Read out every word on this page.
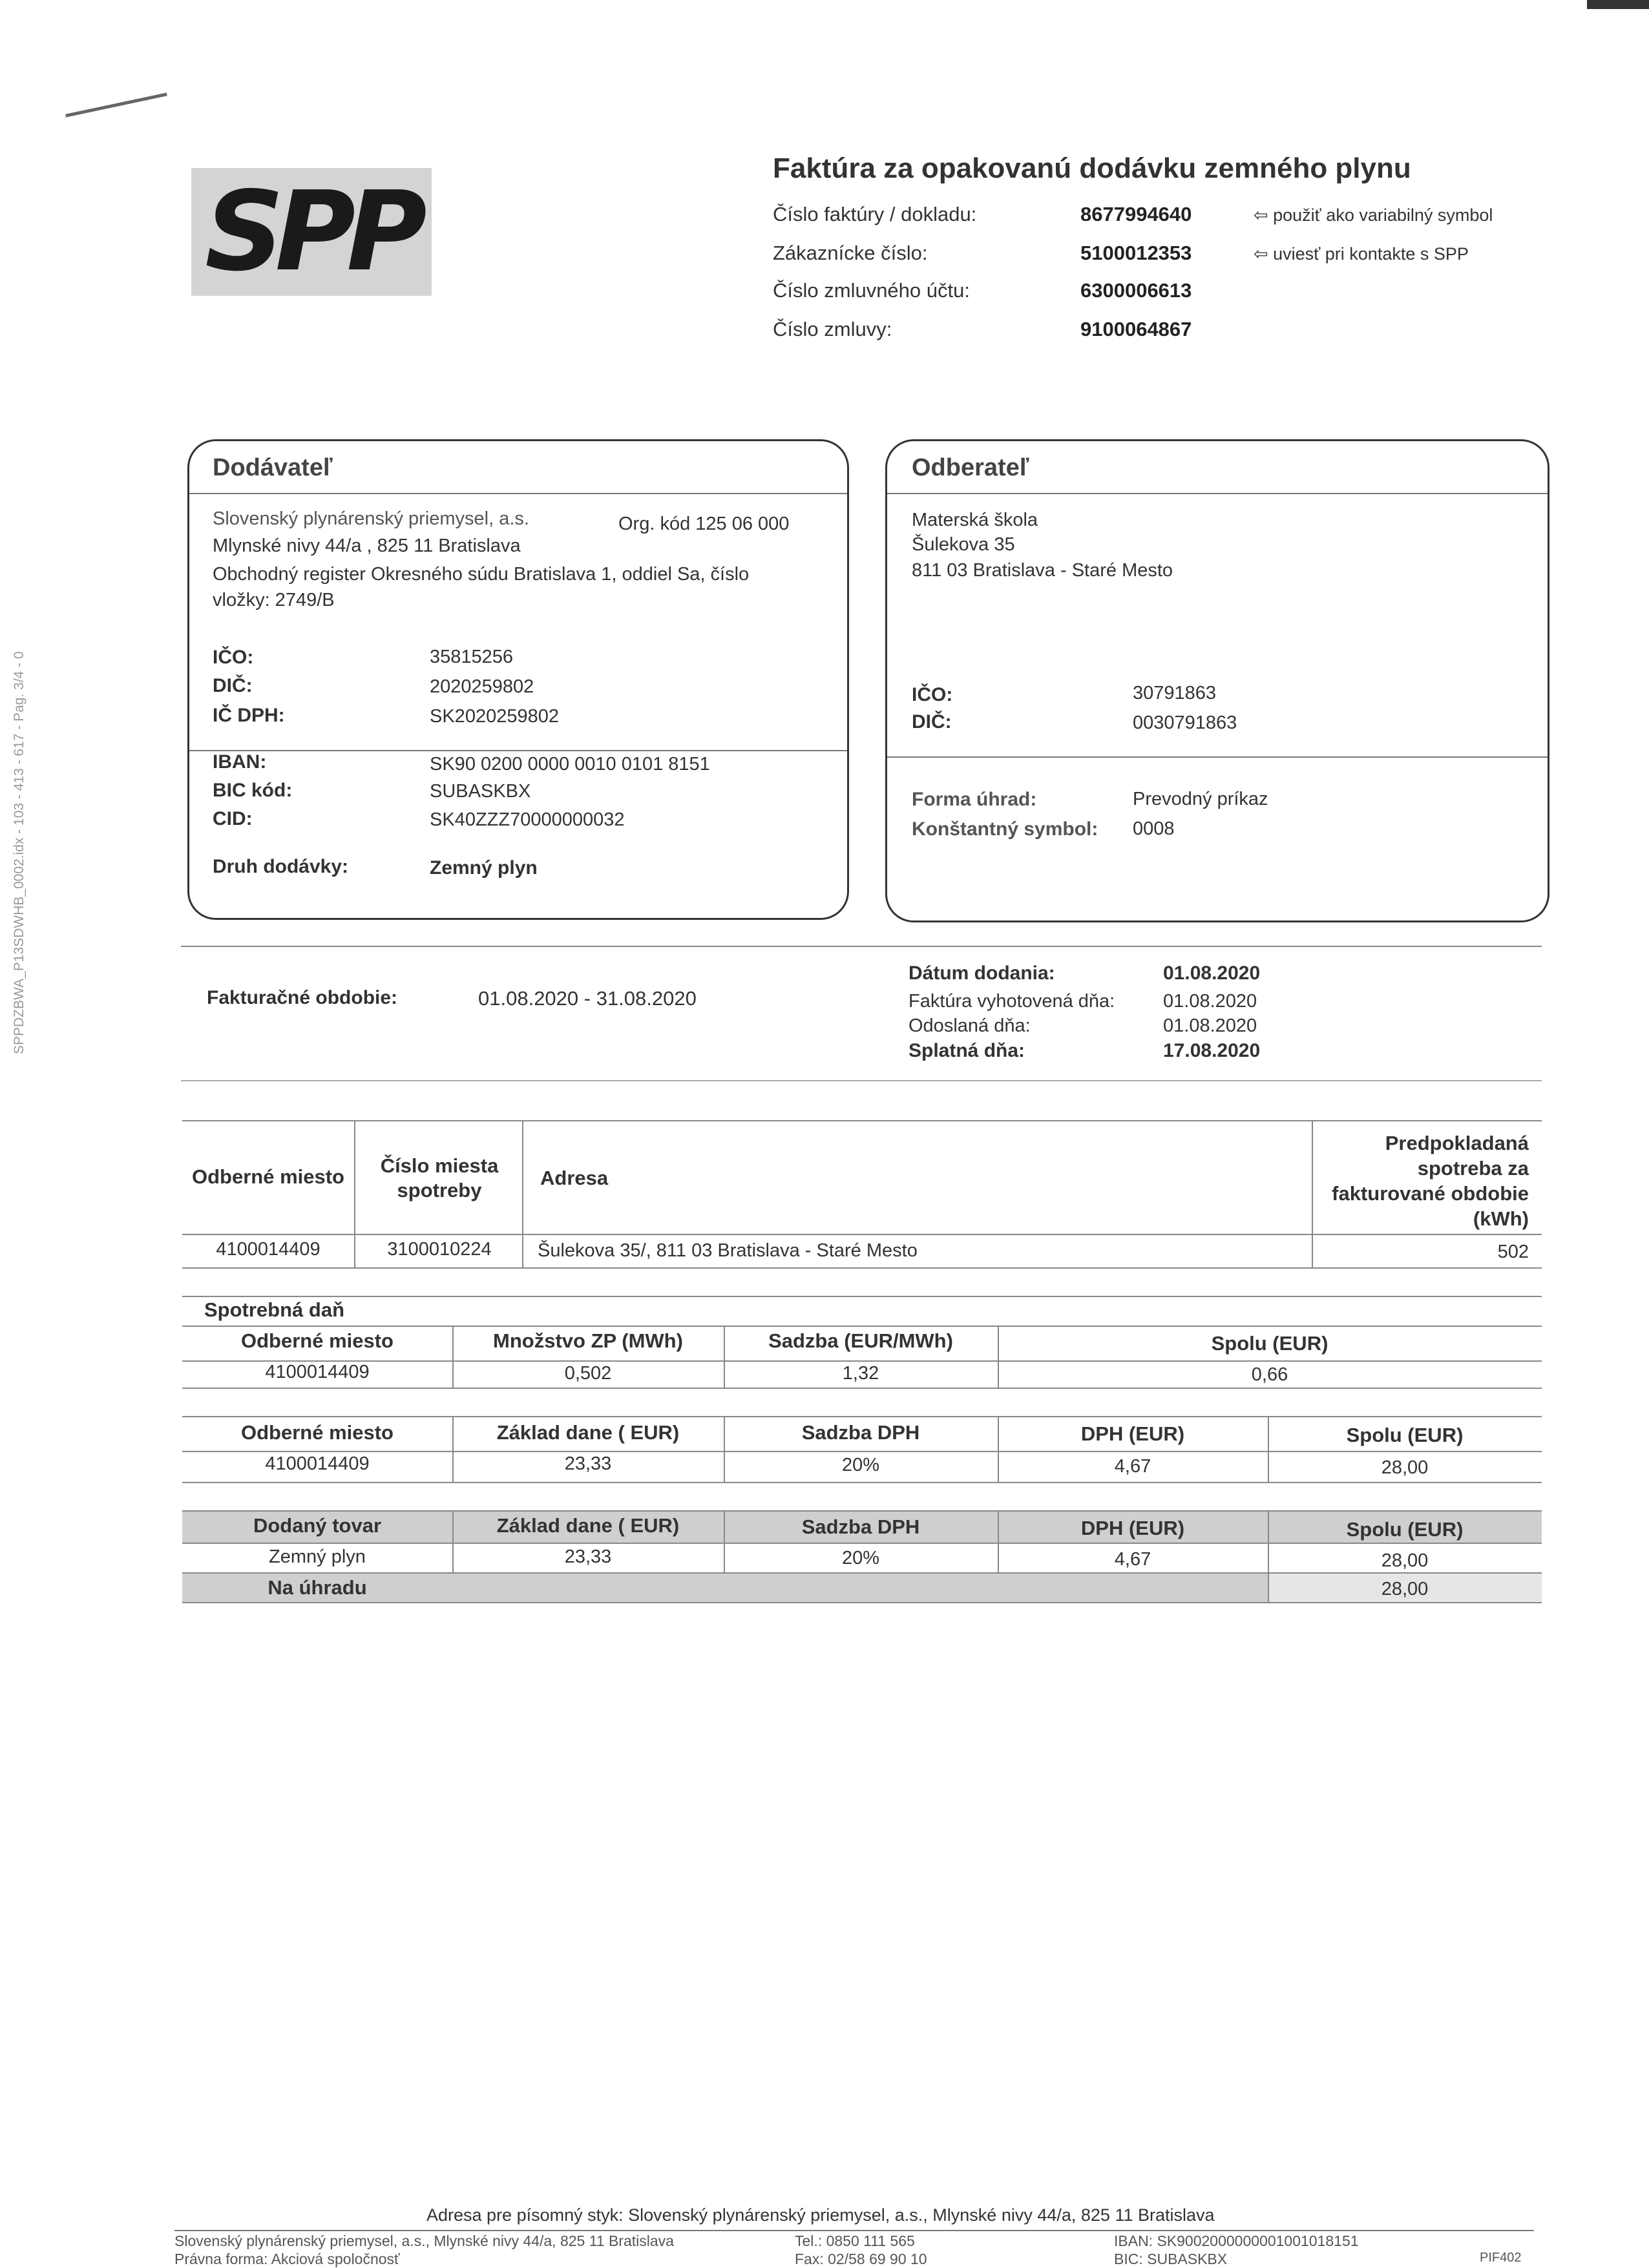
SPPDZBWA_P13SDWHB_0002.idx - 103 - 413 - 617 - Pag. 3/4 - 0
SPP	Faktúra za opakovanú dodávku zemného plynu
Číslo faktúry / dokladu:	8677994640	⇦ použiť ako variabilný symbol
Zákaznícke číslo:	5100012353	⇦ uviesť pri kontakte s SPP
Číslo zmluvného účtu:	6300006613
Číslo zmluvy:	9100064867
Dodávateľ
Slovenský plynárenský priemysel, a.s.	Org. kód 125 06 000
Mlynské nivy 44/a , 825 11 Bratislava
Obchodný register Okresného súdu Bratislava 1, oddiel Sa, číslo
vložky: 2749/B
IČO:	35815256
DIČ:	2020259802
IČ DPH:	SK2020259802
IBAN:	SK90 0200 0000 0010 0101 8151
BIC kód:	SUBASKBX
CID:	SK40ZZZ70000000032
Druh dodávky:	Zemný plyn
Odberateľ
Materská škola
Šulekova 35
811 03 Bratislava - Staré Mesto
IČO:	30791863
DIČ:	0030791863
Forma úhrad:	Prevodný príkaz
Konštantný symbol: 0008
Fakturačné obdobie:	01.08.2020 - 31.08.2020
Dátum dodania:	01.08.2020
Faktúra vyhotovená dňa:	01.08.2020
Odoslaná dňa:	01.08.2020
Splatná dňa:	17.08.2020
Odberné miesto	Číslo miesta spotreby
Adresa
Predpokladaná spotreba za fakturované obdobie (kWh)
4100014409	3100010224	Šulekova 35/, 811 03 Bratislava - Staré Mesto	502
Spotrebná daň
Odberné miesto	Množstvo ZP (MWh)	Sadzba (EUR/MWh)	Spolu (EUR)
4100014409	0,502	1,32	0,66
Odberné miesto	Základ dane ( EUR)	Sadzba DPH	DPH (EUR)	Spolu (EUR)
4100014409	23,33	20%	4,67	28,00
Dodaný tovar	Základ dane ( EUR)	Sadzba DPH	DPH (EUR)	Spolu (EUR)
Zemný plyn	23,33	20%	4,67	28,00
Na úhradu	28,00
Adresa pre písomný styk: Slovenský plynárenský priemysel, a.s., Mlynské nivy 44/a, 825 11 Bratislava
Slovenský plynárenský priemysel, a.s., Mlynské nivy 44/a, 825 11 Bratislava
Právna forma: Akciová spoločnosť
Tel.: 0850 111 565
Fax: 02/58 69 90 10
IBAN: SK9002000000001001018151
BIC: SUBASKBX	PIF402
